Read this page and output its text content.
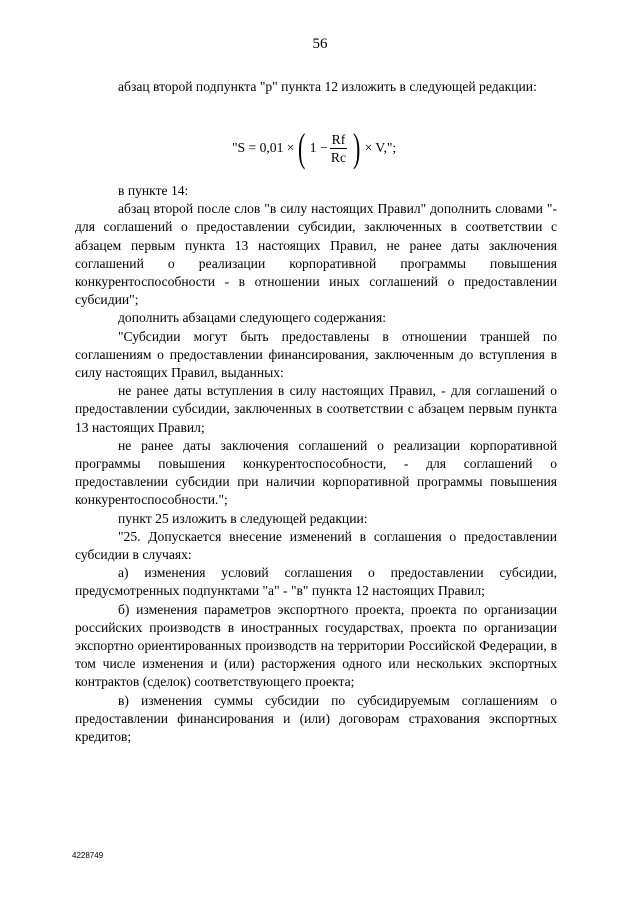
56

абзац второй подпункта "р" пункта 12 изложить в следующей редакции:

"S = 0,01 × ( $1 - \frac{Rf}{Rc}$ ) × V,";

в пункте 14:

абзац второй после слов "в силу настоящих Правил" дополнить словами "- для соглашений о предоставлении субсидии, заключенных в соответствии с абзацем первым пункта 13 настоящих Правил, не ранее даты заключения соглашений о реализации корпоративной программы повышения конкурентоспособности - в отношении иных соглашений о предоставлении субсидии";

дополнить абзацами следующего содержания:

"Субсидии могут быть предоставлены в отношении траншей по соглашениям о предоставлении финансирования, заключенным до вступления в силу настоящих Правил, выданных:

не ранее даты вступления в силу настоящих Правил, - для соглашений о предоставлении субсидии, заключенных в соответствии с абзацем первым пункта 13 настоящих Правил;

не ранее даты заключения соглашений о реализации корпоративной программы повышения конкурентоспособности, - для соглашений о предоставлении субсидии при наличии корпоративной программы повышения конкурентоспособности.";

пункт 25 изложить в следующей редакции:

"25. Допускается внесение изменений в соглашения о предоставлении субсидии в случаях:

а) изменения условий соглашения о предоставлении субсидии, предусмотренных подпунктами "а" - "в" пункта 12 настоящих Правил;

б) изменения параметров экспортного проекта, проекта по организации российских производств в иностранных государствах, проекта по организации экспортно ориентированных производств на территории Российской Федерации, в том числе изменения и (или) расторжения одного или нескольких экспортных контрактов (сделок) соответствующего проекта;

в) изменения суммы субсидии по субсидируемым соглашениям о предоставлении финансирования и (или) договорам страхования экспортных кредитов;

4228749
